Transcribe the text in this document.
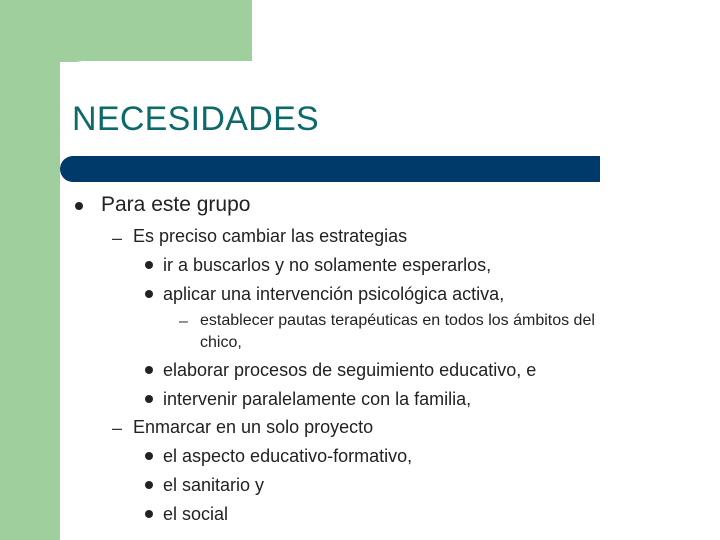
NECESIDADES
Para este grupo
– Es preciso cambiar las estrategias
ir a buscarlos y no solamente esperarlos,
aplicar una intervención psicológica activa,
– establecer pautas terapéuticas en todos los ámbitos del
chico,
elaborar procesos de seguimiento educativo, e
intervenir paralelamente con la familia,
– Enmarcar en un solo proyecto
el aspecto educativo-formativo,
el sanitario y
el social
